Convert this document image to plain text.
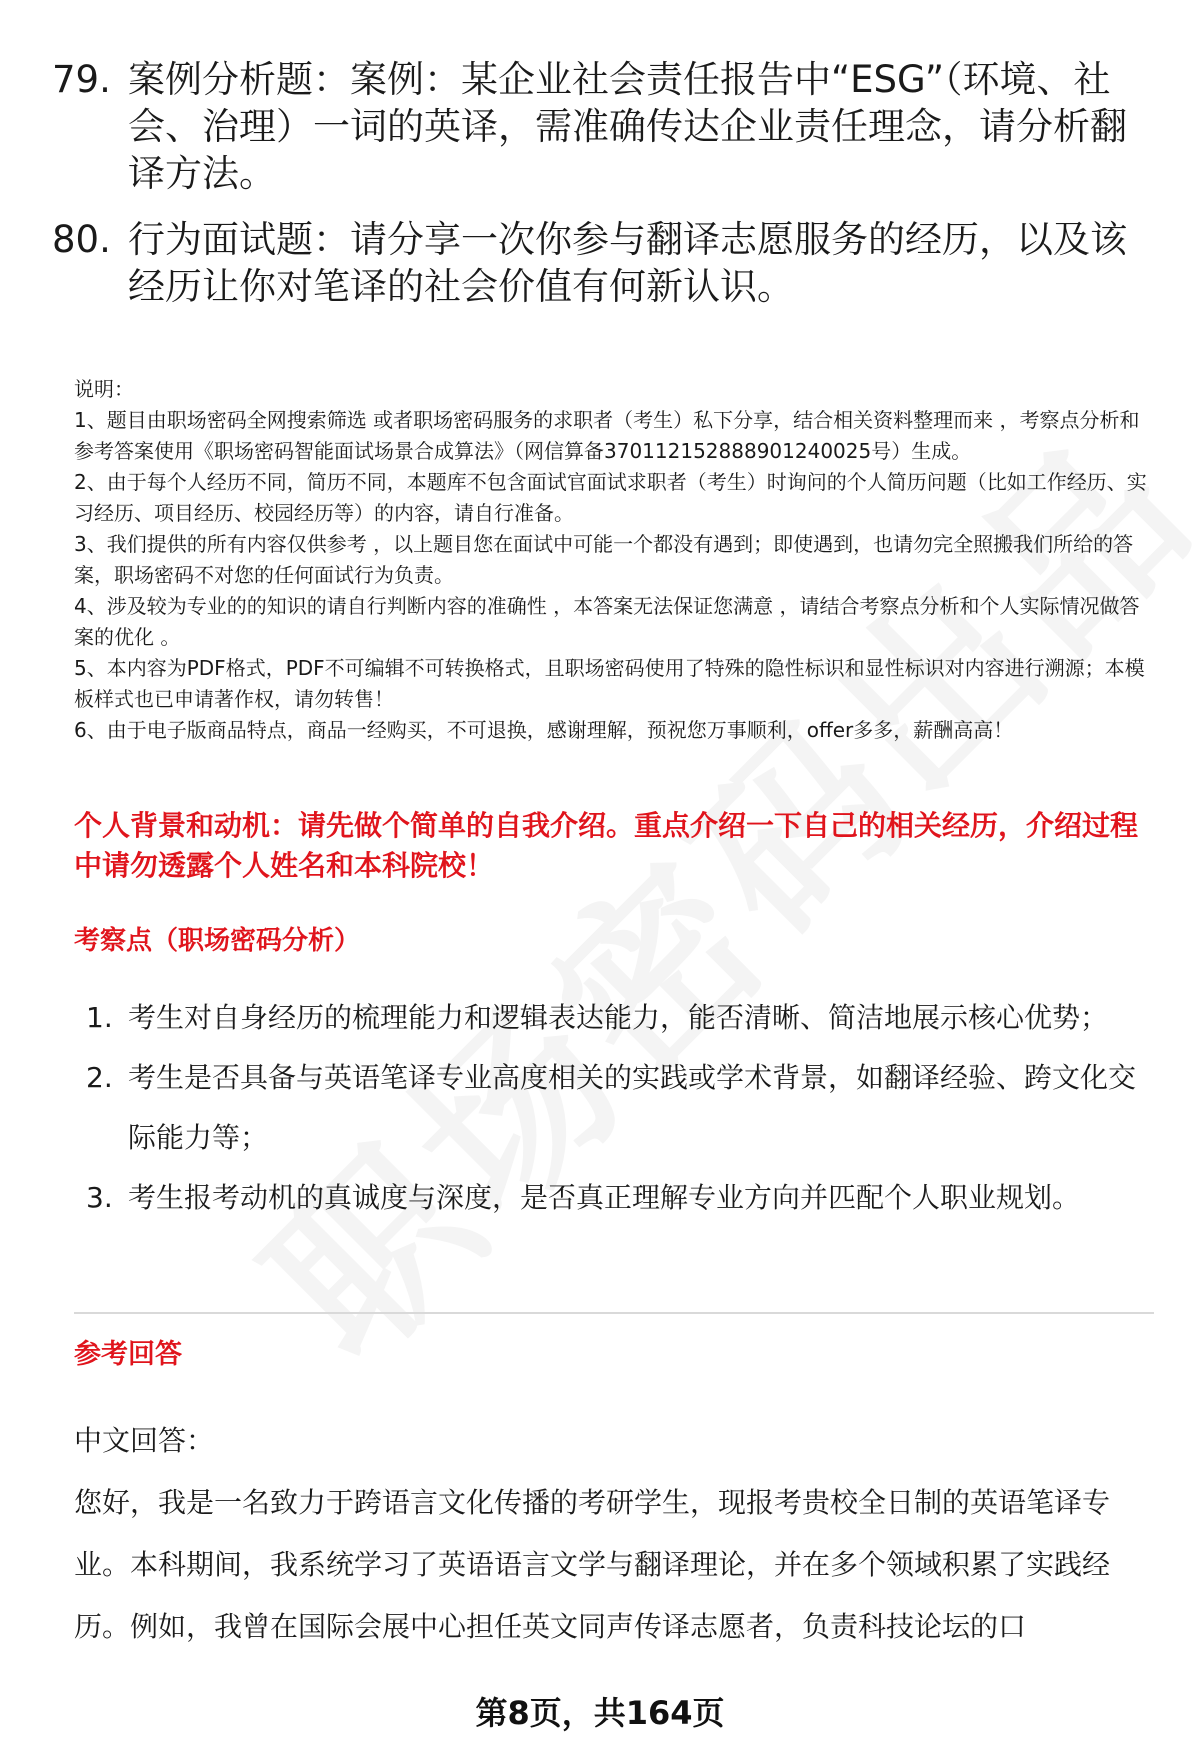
79. 案例分析题：案例：某企业社会责任报告中“ESG”（环境、社会、治理）一词的英译，需准确传达企业责任理念，请分析翻译方法。
80. 行为面试题：请分享一次你参与翻译志愿服务的经历，以及该经历让你对笔译的社会价值有何新认识。
说明：
1、题目由职场密码全网搜索筛选 或者职场密码服务的求职者（考生）私下分享，结合相关资料整理而来 ，考察点分析和参考答案使用《职场密码智能面试场景合成算法》（网信算备370112152888901240025号）生成。
2、由于每个人经历不同，简历不同，本题库不包含面试官面试求职者（考生）时询问的个人简历问题（比如工作经历、实习经历、项目经历、校园经历等）的内容，请自行准备。
3、我们提供的所有内容仅供参考 ，以上题目您在面试中可能一个都没有遇到；即使遇到，也请勿完全照搬我们所给的答案，职场密码不对您的任何面试行为负责。
4、涉及较为专业的的知识的请自行判断内容的准确性 ，本答案无法保证您满意 ，请结合考察点分析和个人实际情况做答案的优化 。
5、本内容为PDF格式，PDF不可编辑不可转换格式，且职场密码使用了特殊的隐性标识和显性标识对内容进行溯源；本模板样式也已申请著作权，请勿转售！
6、由于电子版商品特点，商品一经购买，不可退换，感谢理解，预祝您万事顺利，offer多多，薪酬高高！
个人背景和动机：请先做个简单的自我介绍。重点介绍一下自己的相关经历，介绍过程中请勿透露个人姓名和本科院校！
考察点（职场密码分析）
1. 考生对自身经历的梳理能力和逻辑表达能力，能否清晰、简洁地展示核心优势；
2. 考生是否具备与英语笔译专业高度相关的实践或学术背景，如翻译经验、跨文化交际能力等；
3. 考生报考动机的真诚度与深度，是否真正理解专业方向并匹配个人职业规划。
参考回答
中文回答：
您好，我是一名致力于跨语言文化传播的考研学生，现报考贵校全日制的英语笔译专业。本科期间，我系统学习了英语语言文学与翻译理论，并在多个领域积累了实践经历。例如，我曾在国际会展中心担任英文同声传译志愿者，负责科技论坛的口
第8页，共164页
